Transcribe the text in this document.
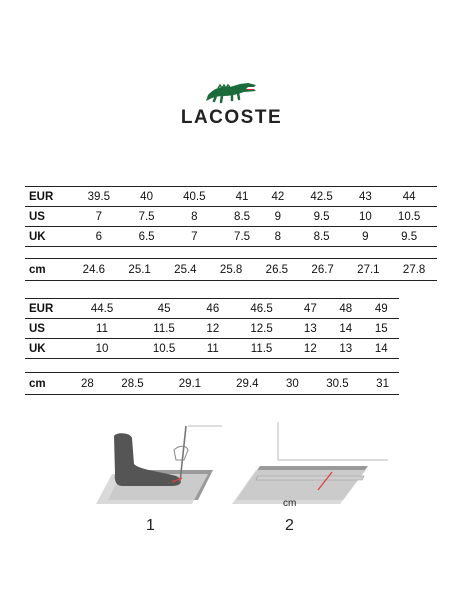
LACOSTE
EUR	39.5	40	40.5	41	42	42.5	43	44
US	7	7.5	8	8.5	9	9.5	10	10.5
UK	6	6.5	7	7.5	8	8.5	9	9.5
cm	24.6	25.1	25.4	25.8	26.5	26.7	27.1	27.8
EUR	44.5	45	46	46.5	47	48	49
US	11	11.5	12	12.5	13	14	15
UK	10	10.5	11	11.5	12	13	14
cm	28	28.5	29.1	29.4	30	30.5	31
cm
1	2
